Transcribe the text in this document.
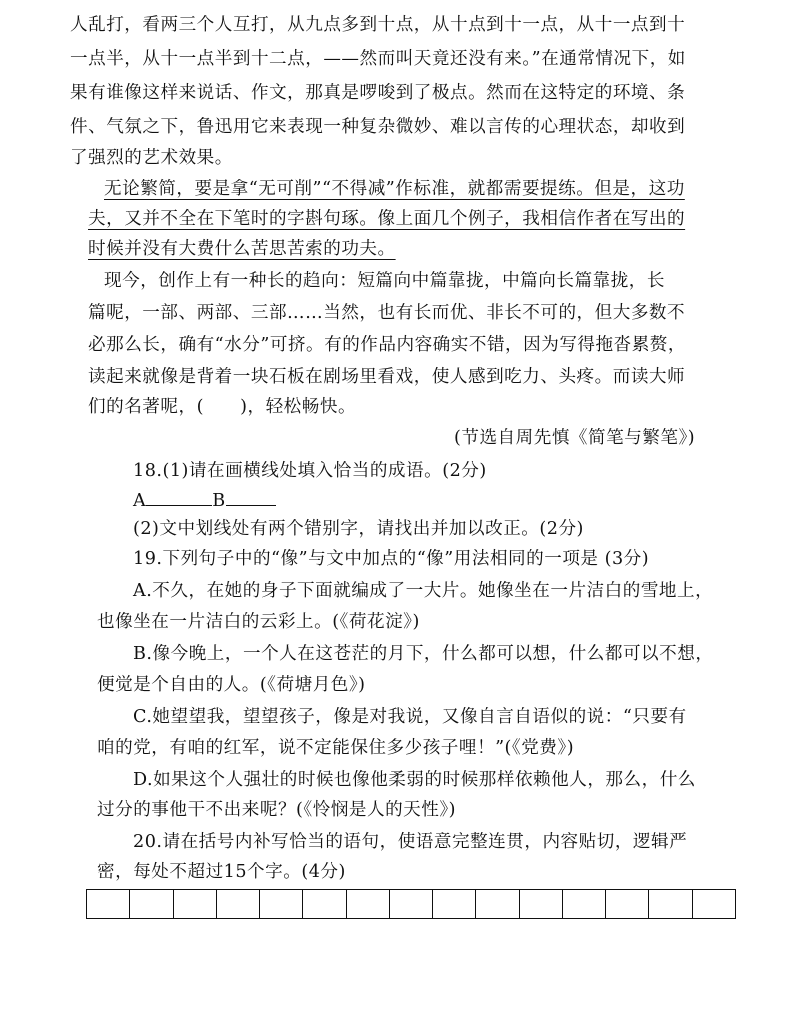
人乱打，看两三个人互打，从九点多到十点，从十点到十一点，从十一点到十
一点半，从十一点半到十二点，——然而叫天竟还没有来。”在通常情况下，如
果有谁像这样来说话、作文，那真是啰唆到了极点。然而在这特定的环境、条
件、气氛之下，鲁迅用它来表现一种复杂微妙、难以言传的心理状态，却收到
了强烈的艺术效果。
无论繁简，要是拿“无可削”“不得减”作标准，就都需要提练。但是，这功
夫，又并不全在下笔时的字斟句琢。像上面几个例子，我相信作者在写出的
时候并没有大费什么苦思苦索的功夫。
现今，创作上有一种长的趋向：短篇向中篇靠拢，中篇向长篇靠拢，长
篇呢，一部、两部、三部……当然，也有长而优、非长不可的，但大多数不
必那么长，确有“水分”可挤。有的作品内容确实不错，因为写得拖沓累赘，
读起来就像是背着一块石板在剧场里看戏，使人感到吃力、头疼。而读大师
们的名著呢，(　　)，轻松畅快。
(节选自周先慎《简笔与繁笔》)
18.(1)请在画横线处填入恰当的成语。(2分)
A	B
(2)文中划线处有两个错别字，请找出并加以改正。(2分)
19.下列句子中的“像”与文中加点的“像”用法相同的一项是 (3分)
A.不久，在她的身子下面就编成了一大片。她像坐在一片洁白的雪地上，
也像坐在一片洁白的云彩上。(《荷花淀》)
B.像今晚上，一个人在这苍茫的月下，什么都可以想，什么都可以不想，
便觉是个自由的人。(《荷塘月色》)
C.她望望我，望望孩子，像是对我说，又像自言自语似的说：“只要有
咱的党，有咱的红军，说不定能保住多少孩子哩！”(《党费》)
D.如果这个人强壮的时候也像他柔弱的时候那样依赖他人，那么，什么
过分的事他干不出来呢？(《怜悯是人的天性》)
20.请在括号内补写恰当的语句，使语意完整连贯，内容贴切，逻辑严
密，每处不超过15个字。(4分)
